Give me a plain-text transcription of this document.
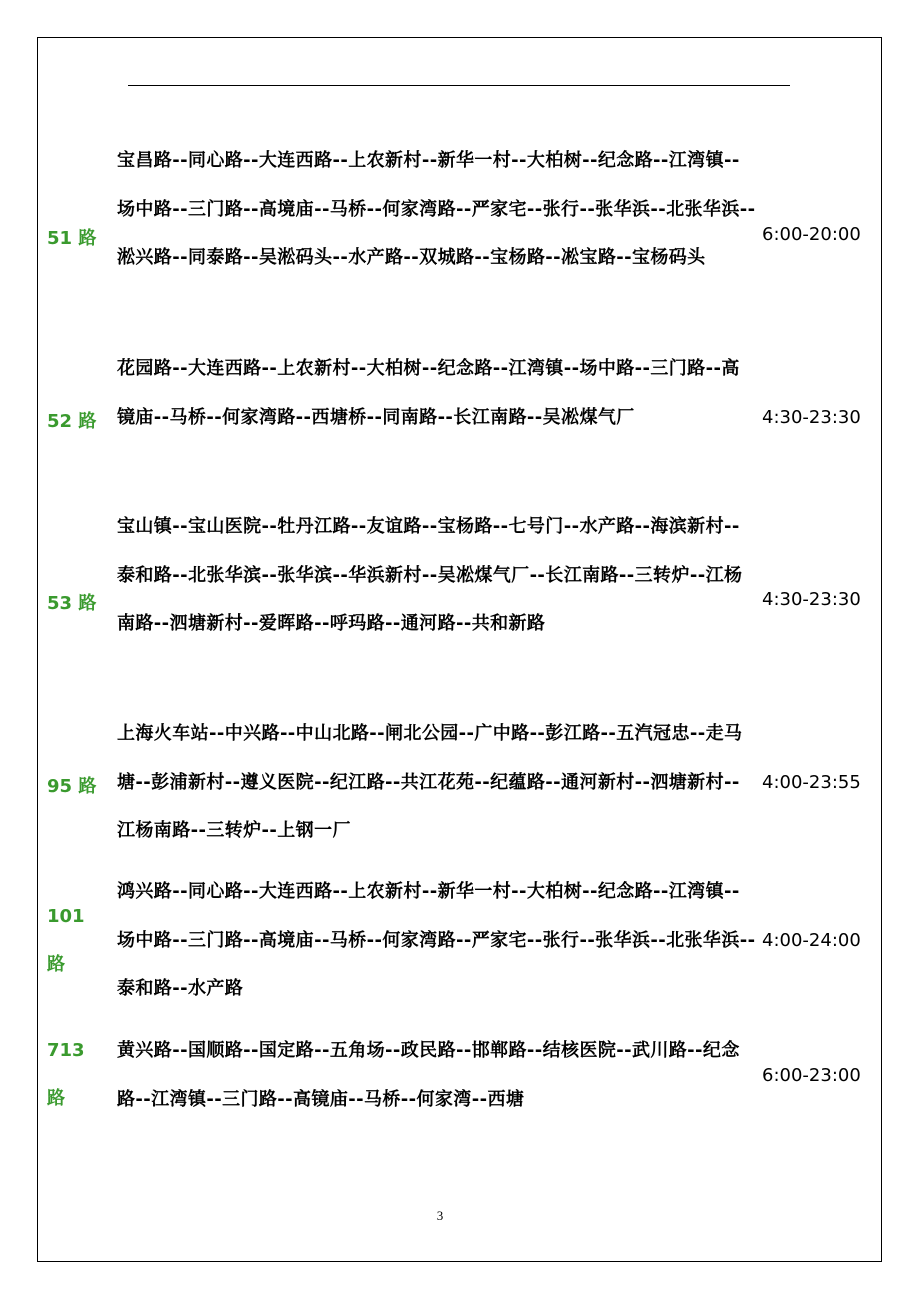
51 路
宝昌路--同心路--大连西路--上农新村--新华一村--大柏树--纪念路--江湾镇--场中路--三门路--高境庙--马桥--何家湾路--严家宅--张行--张华浜--北张华浜--淞兴路--同泰路--吴淞码头--水产路--双城路--宝杨路--凇宝路--宝杨码头
6:00-20:00
52 路
花园路--大连西路--上农新村--大柏树--纪念路--江湾镇--场中路--三门路--高镜庙--马桥--何家湾路--西塘桥--同南路--长江南路--吴凇煤气厂	4:30-23:30
53 路
宝山镇--宝山医院--牡丹江路--友谊路--宝杨路--七号门--水产路--海滨新村--泰和路--北张华滨--张华滨--华浜新村--吴凇煤气厂--长江南路--三转炉--江杨南路--泗塘新村--爱晖路--呼玛路--通河路--共和新路
4:30-23:30
95 路
上海火车站--中兴路--中山北路--闸北公园--广中路--彭江路--五汽冠忠--走马塘--彭浦新村--遵义医院--纪江路--共江花苑--纪蕴路--通河新村--泗塘新村--江杨南路--三转炉--上钢一厂
4:00-23:55
101 路
鸿兴路--同心路--大连西路--上农新村--新华一村--大柏树--纪念路--江湾镇--场中路--三门路--高境庙--马桥--何家湾路--严家宅--张行--张华浜--北张华浜--泰和路--水产路
4:00-24:00
713 路
黄兴路--国顺路--国定路--五角场--政民路--邯郸路--结核医院--武川路--纪念路--江湾镇--三门路--高镜庙--马桥--何家湾--西塘
6:00-23:00
3
